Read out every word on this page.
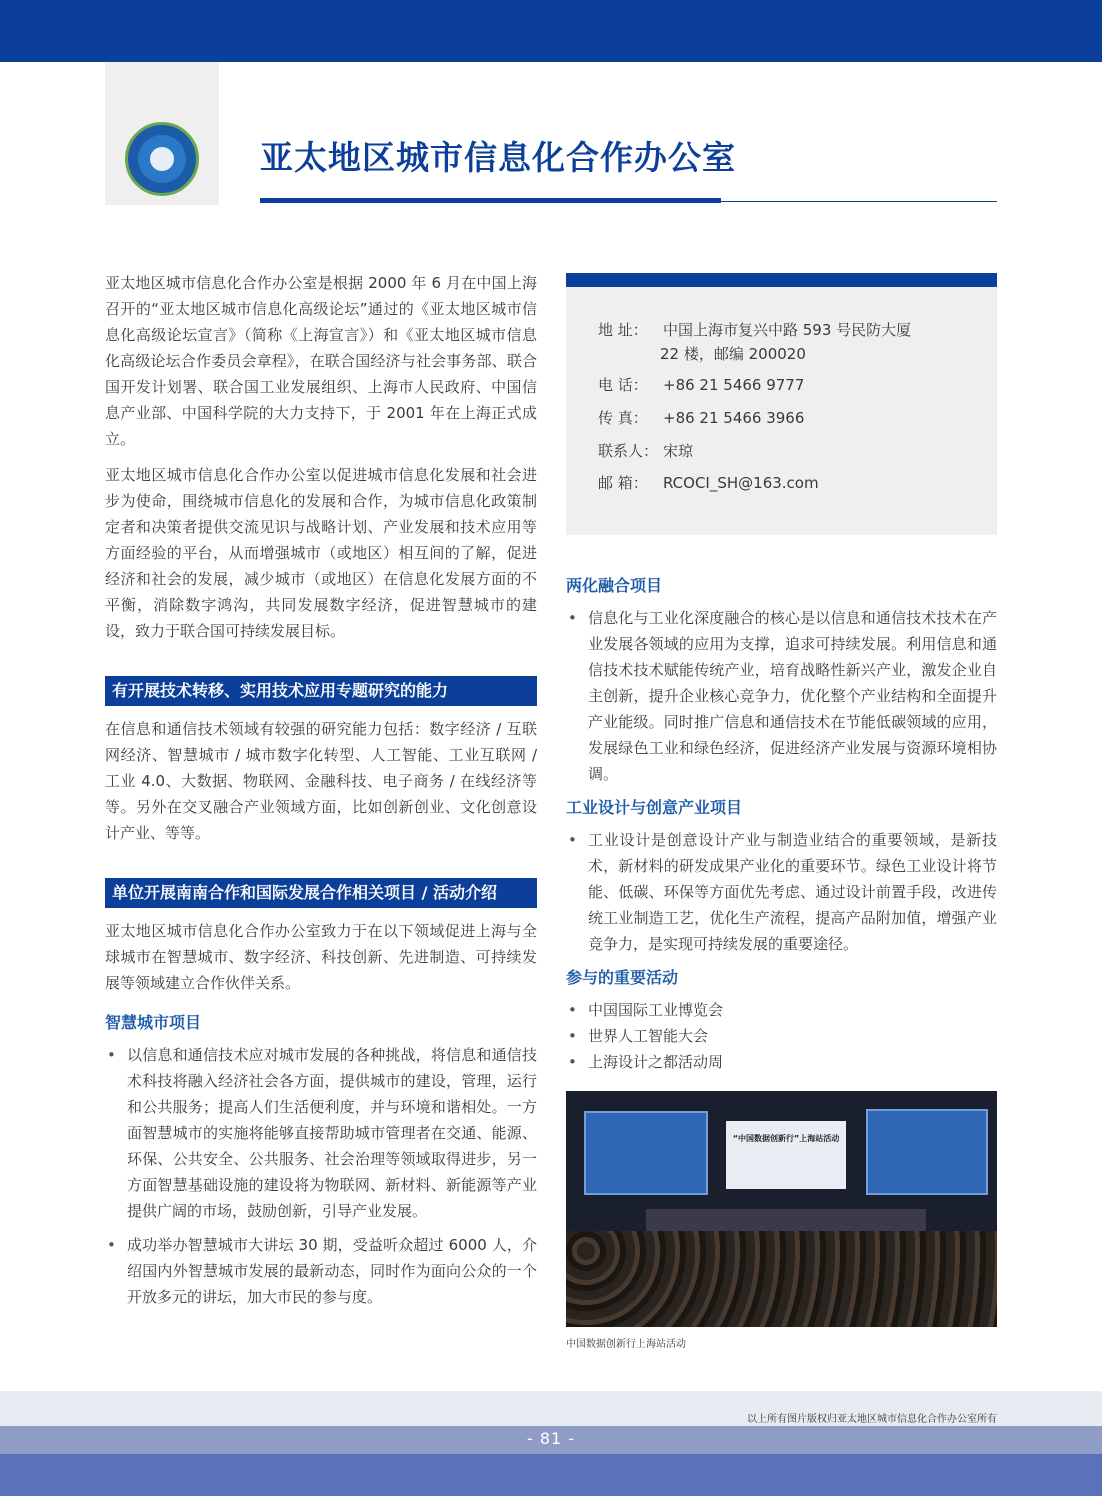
亚太地区城市信息化合作办公室

亚太地区城市信息化合作办公室是根据 2000 年 6 月在中国上海召开的“亚太地区城市信息化高级论坛”通过的《亚太地区城市信息化高级论坛宣言》（简称《上海宣言》）和《亚太地区城市信息化高级论坛合作委员会章程》，在联合国经济与社会事务部、联合国开发计划署、联合国工业发展组织、上海市人民政府、中国信息产业部、中国科学院的大力支持下，于 2001 年在上海正式成立。

亚太地区城市信息化合作办公室以促进城市信息化发展和社会进步为使命，围绕城市信息化的发展和合作，为城市信息化政策制定者和决策者提供交流见识与战略计划、产业发展和技术应用等方面经验的平台，从而增强城市（或地区）相互间的了解，促进经济和社会的发展，减少城市（或地区）在信息化发展方面的不平衡，消除数字鸿沟，共同发展数字经济，促进智慧城市的建设，致力于联合国可持续发展目标。

有开展技术转移、实用技术应用专题研究的能力

在信息和通信技术领域有较强的研究能力包括：数字经济 / 互联网经济、智慧城市 / 城市数字化转型、人工智能、工业互联网 / 工业 4.0、大数据、物联网、金融科技、电子商务 / 在线经济等等。另外在交叉融合产业领域方面，比如创新创业、文化创意设计产业、等等。

单位开展南南合作和国际发展合作相关项目 / 活动介绍

亚太地区城市信息化合作办公室致力于在以下领域促进上海与全球城市在智慧城市、数字经济、科技创新、先进制造、可持续发展等领域建立合作伙伴关系。

智慧城市项目
• 以信息和通信技术应对城市发展的各种挑战，将信息和通信技术科技将融入经济社会各方面，提供城市的建设，管理，运行和公共服务；提高人们生活便利度，并与环境和谐相处。一方面智慧城市的实施将能够直接帮助城市管理者在交通、能源、环保、公共安全、公共服务、社会治理等领域取得进步，另一方面智慧基础设施的建设将为物联网、新材料、新能源等产业提供广阔的市场，鼓励创新，引导产业发展。
• 成功举办智慧城市大讲坛 30 期，受益听众超过 6000 人，介绍国内外智慧城市发展的最新动态，同时作为面向公众的一个开放多元的讲坛，加大市民的参与度。
地 址： 中国上海市复兴中路 593 号民防大厦
22 楼，邮编 200020
电 话： +86 21 5466 9777
传 真： +86 21 5466 3966
联系人： 宋琼
邮 箱： RCOCI_SH@163.com
两化融合项目
• 信息化与工业化深度融合的核心是以信息和通信技术技术在产业发展各领域的应用为支撑，追求可持续发展。利用信息和通信技术技术赋能传统产业，培育战略性新兴产业，激发企业自主创新，提升企业核心竞争力，优化整个产业结构和全面提升产业能级。同时推广信息和通信技术在节能低碳领域的应用，发展绿色工业和绿色经济，促进经济产业发展与资源环境相协调。
工业设计与创意产业项目
• 工业设计是创意设计产业与制造业结合的重要领域，是新技术，新材料的研发成果产业化的重要环节。绿色工业设计将节能、低碳、环保等方面优先考虑、通过设计前置手段，改进传统工业制造工艺，优化生产流程，提高产品附加值，增强产业竞争力，是实现可持续发展的重要途径。
参与的重要活动
• 中国国际工业博览会
• 世界人工智能大会
• 上海设计之都活动周
“中国数据创新行”上海站活动
中国数据创新行上海站活动
以上所有图片版权归亚太地区城市信息化合作办公室所有
- 81 -
